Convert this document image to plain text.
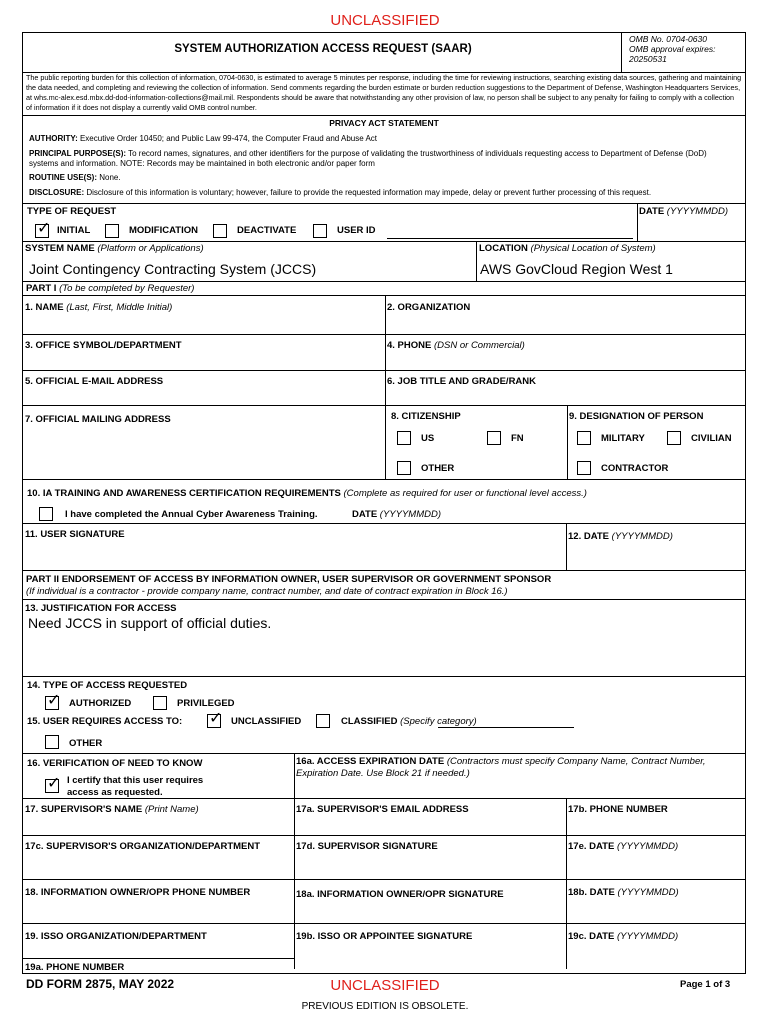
UNCLASSIFIED
SYSTEM AUTHORIZATION ACCESS REQUEST (SAAR)
OMB No. 0704-0630
OMB approval expires:
20250531
The public reporting burden for this collection of information, 0704-0630, is estimated to average 5 minutes per response, including the time for reviewing instructions, searching existing data sources, gathering and maintaining the data needed, and completing and reviewing the collection of information. Send comments regarding the burden estimate or burden reduction suggestions to the Department of Defense, Washington Headquarters Services, at whs.mc-alex.esd.mbx.dd-dod-information-collections@mail.mil. Respondents should be aware that notwithstanding any other provision of law, no person shall be subject to any penalty for failing to comply with a collection of information if it does not display a currently valid OMB control number.
PRIVACY ACT STATEMENT
AUTHORITY: Executive Order 10450; and Public Law 99-474, the Computer Fraud and Abuse Act
PRINCIPAL PURPOSE(S): To record names, signatures, and other identifiers for the purpose of validating the trustworthiness of individuals requesting access to Department of Defense (DoD) systems and information. NOTE: Records may be maintained in both electronic and/or paper form
ROUTINE USE(S): None.
DISCLOSURE: Disclosure of this information is voluntary; however, failure to provide the requested information may impede, delay or prevent further processing of this request.
TYPE OF REQUEST	DATE (YYYYMMDD)
✓ INITIAL	MODIFICATION	DEACTIVATE	USER ID
SYSTEM NAME (Platform or Applications)	LOCATION (Physical Location of System)
Joint Contingency Contracting System (JCCS)	AWS GovCloud Region West 1
PART I (To be completed by Requester)
1. NAME (Last, First, Middle Initial)	2. ORGANIZATION
3. OFFICE SYMBOL/DEPARTMENT	4. PHONE (DSN or Commercial)
5. OFFICIAL E-MAIL ADDRESS	6. JOB TITLE AND GRADE/RANK
7. OFFICIAL MAILING ADDRESS	8. CITIZENSHIP	9. DESIGNATION OF PERSON
US	FN
OTHER
MILITARY	CIVILIAN
CONTRACTOR
10. IA TRAINING AND AWARENESS CERTIFICATION REQUIREMENTS (Complete as required for user or functional level access.)
I have completed the Annual Cyber Awareness Training.	DATE (YYYYMMDD)
11. USER SIGNATURE	12. DATE (YYYYMMDD)
PART II ENDORSEMENT OF ACCESS BY INFORMATION OWNER, USER SUPERVISOR OR GOVERNMENT SPONSOR
(If individual is a contractor - provide company name, contract number, and date of contract expiration in Block 16.)
13. JUSTIFICATION FOR ACCESS
Need JCCS in support of official duties.
14. TYPE OF ACCESS REQUESTED
✓ AUTHORIZED	PRIVILEGED
15. USER REQUIRES ACCESS TO: ✓ UNCLASSIFIED	CLASSIFIED (Specify category)
OTHER
16. VERIFICATION OF NEED TO KNOW	16a. ACCESS EXPIRATION DATE (Contractors must specify Company Name, Contract Number,
Expiration Date. Use Block 21 if needed.)
✓ I certify that this user requires
access as requested.
17. SUPERVISOR'S NAME (Print Name)	17a. SUPERVISOR'S EMAIL ADDRESS	17b. PHONE NUMBER
17c. SUPERVISOR'S ORGANIZATION/DEPARTMENT	17d. SUPERVISOR SIGNATURE	17e. DATE (YYYYMMDD)
18. INFORMATION OWNER/OPR PHONE NUMBER	18a. INFORMATION OWNER/OPR SIGNATURE	18b. DATE (YYYYMMDD)
19. ISSO ORGANIZATION/DEPARTMENT	19b. ISSO OR APPOINTEE SIGNATURE	19c. DATE (YYYYMMDD)
19a. PHONE NUMBER
DD FORM 2875, MAY 2022	UNCLASSIFIED	Page 1 of 3
PREVIOUS EDITION IS OBSOLETE.
